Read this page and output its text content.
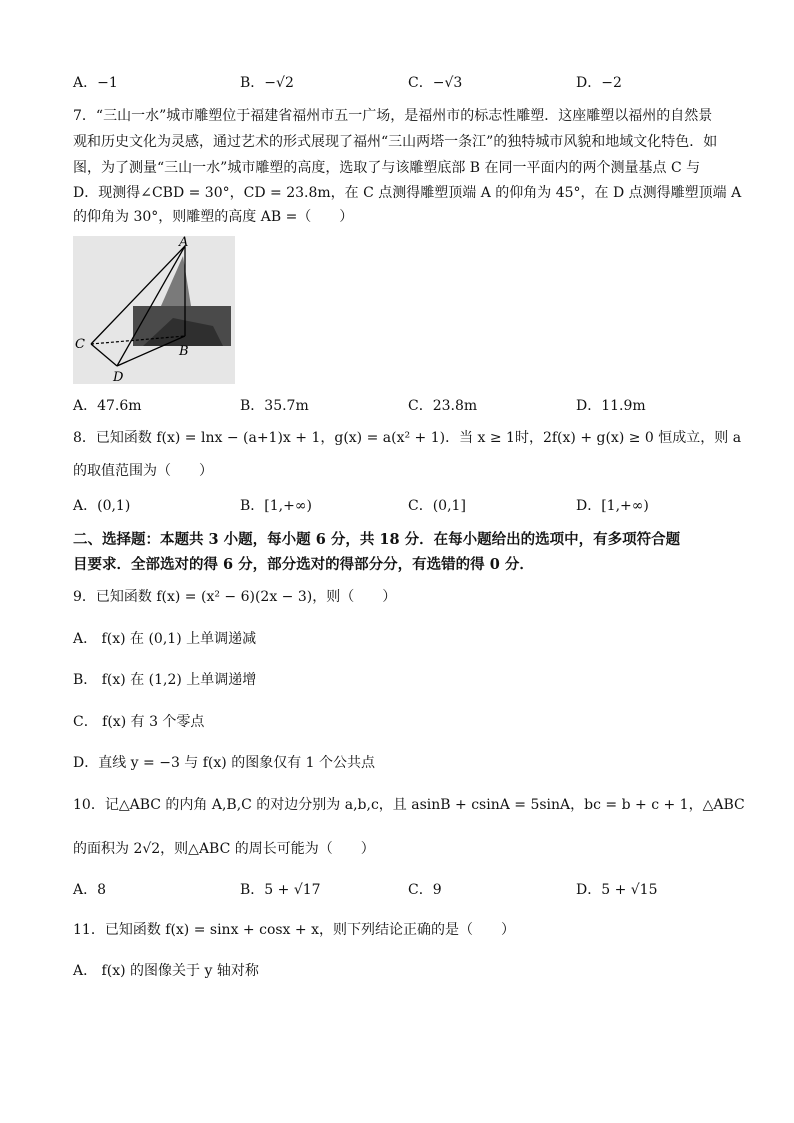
A．−1	B．−√2	C．−√3	D．−2
7．“三山一水”城市雕塑位于福建省福州市五一广场，是福州市的标志性雕塑．这座雕塑以福州的自然景
观和历史文化为灵感，通过艺术的形式展现了福州“三山两塔一条江”的独特城市风貌和地域文化特色．如
图，为了测量“三山一水”城市雕塑的高度，选取了与该雕塑底部 B 在同一平面内的两个测量基点 C 与
D．现测得∠CBD = 30°，CD = 23.8m，在 C 点测得雕塑顶端 A 的仰角为 45°，在 D 点测得雕塑顶端 A
的仰角为 30°，则雕塑的高度 AB =（　　）
A
B
C
D
A．47.6m	B．35.7m	C．23.8m	D．11.9m
8．已知函数 f(x) = lnx − (a+1)x + 1，g(x) = a(x² + 1)．当 x ≥ 1时，2f(x) + g(x) ≥ 0 恒成立，则 a
的取值范围为（　　）
A．(0,1)	B．[1,+∞)	C．(0,1]	D．[1,+∞)
二、选择题：本题共 3 小题，每小题 6 分，共 18 分．在每小题给出的选项中，有多项符合题
目要求．全部选对的得 6 分，部分选对的得部分分，有选错的得 0 分．
9．已知函数 f(x) = (x² − 6)(2x − 3)，则（　　）
A． f(x) 在 (0,1) 上单调递减
B． f(x) 在 (1,2) 上单调递增
C． f(x) 有 3 个零点
D．直线 y = −3 与 f(x) 的图象仅有 1 个公共点
10．记△ABC 的内角 A,B,C 的对边分别为 a,b,c，且 asinB + csinA = 5sinA，bc = b + c + 1，△ABC
的面积为 2√2，则△ABC 的周长可能为（　　）
A．8	B．5 + √17	C．9	D．5 + √15
11．已知函数 f(x) = sinx + cosx + x，则下列结论正确的是（　　）
A． f(x) 的图像关于 y 轴对称
